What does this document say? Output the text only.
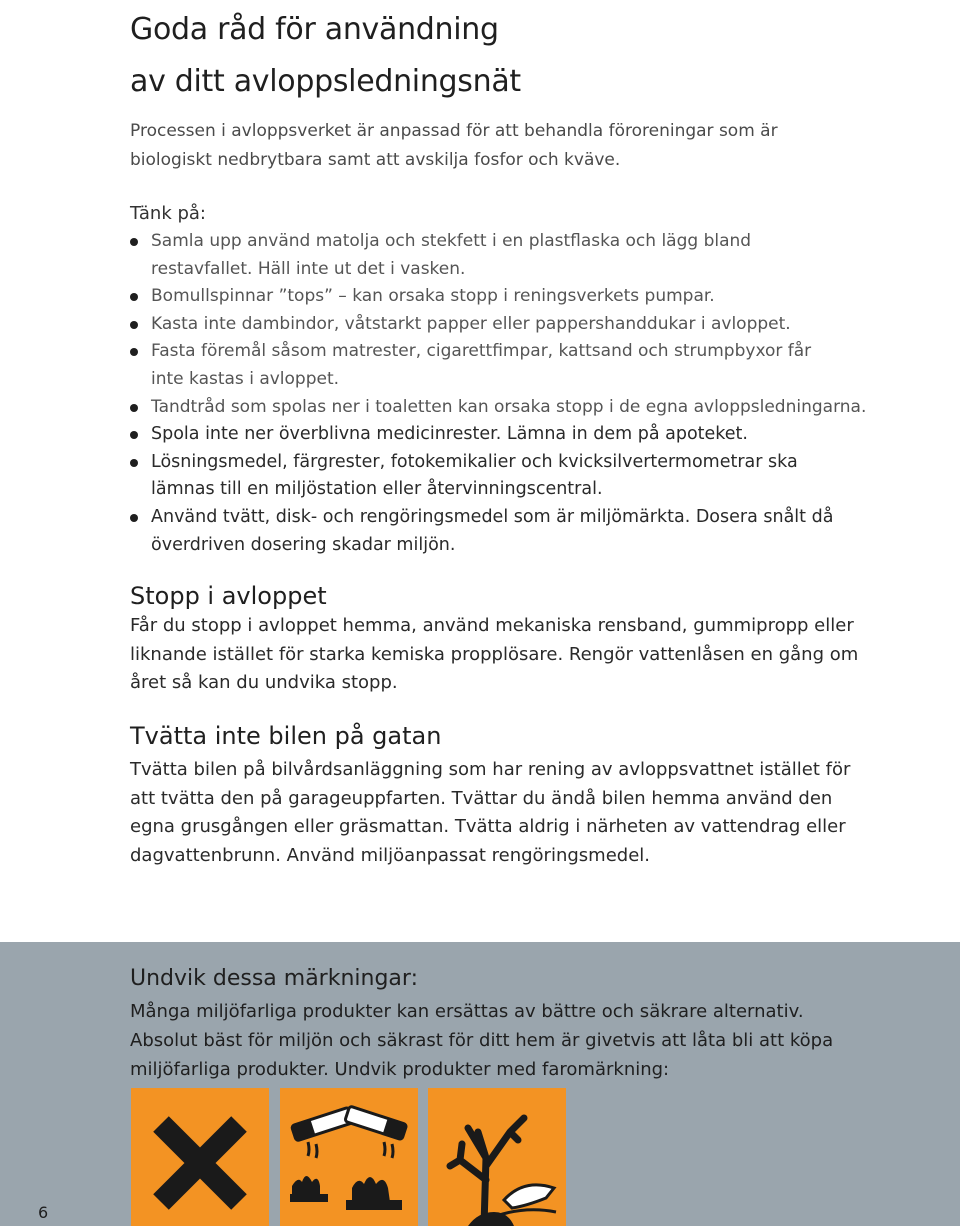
Goda råd för användning
av ditt avloppsledningsnät

Processen i avloppsverket är anpassad för att behandla föroreningar som är
biologiskt nedbrytbara samt att avskilja fosfor och kväve.

Tänk på:
Samla upp använd matolja och stekfett i en plastflaska och lägg bland
restavfallet. Häll inte ut det i vasken.
Bomullspinnar ”tops” – kan orsaka stopp i reningsverkets pumpar.
Kasta inte dambindor, våtstarkt papper eller pappershanddukar i avloppet.
Fasta föremål såsom matrester, cigarettfimpar, kattsand och strumpbyxor får
inte kastas i avloppet.
Tandtråd som spolas ner i toaletten kan orsaka stopp i de egna avloppsledningarna.
Spola inte ner överblivna medicinrester. Lämna in dem på apoteket.
Lösningsmedel, färgrester, fotokemikalier och kvicksilvertermometrar ska
lämnas till en miljöstation eller återvinningscentral.
Använd tvätt, disk- och rengöringsmedel som är miljömärkta. Dosera snålt då
överdriven dosering skadar miljön.
Stopp i avloppet

Får du stopp i avloppet hemma, använd mekaniska rensband, gummipropp eller
liknande istället för starka kemiska propplösare. Rengör vattenlåsen en gång om
året så kan du undvika stopp.

Tvätta inte bilen på gatan

Tvätta bilen på bilvårdsanläggning som har rening av avloppsvattnet istället för
att tvätta den på garageuppfarten. Tvättar du ändå bilen hemma använd den
egna grusgången eller gräsmattan. Tvätta aldrig i närheten av vattendrag eller
dagvattenbrunn. Använd miljöanpassat rengöringsmedel.

Undvik dessa märkningar:

Många miljöfarliga produkter kan ersättas av bättre och säkrare alternativ.
Absolut bäst för miljön och säkrast för ditt hem är givetvis att låta bli att köpa
miljöfarliga produkter. Undvik produkter med faromärkning:

6
